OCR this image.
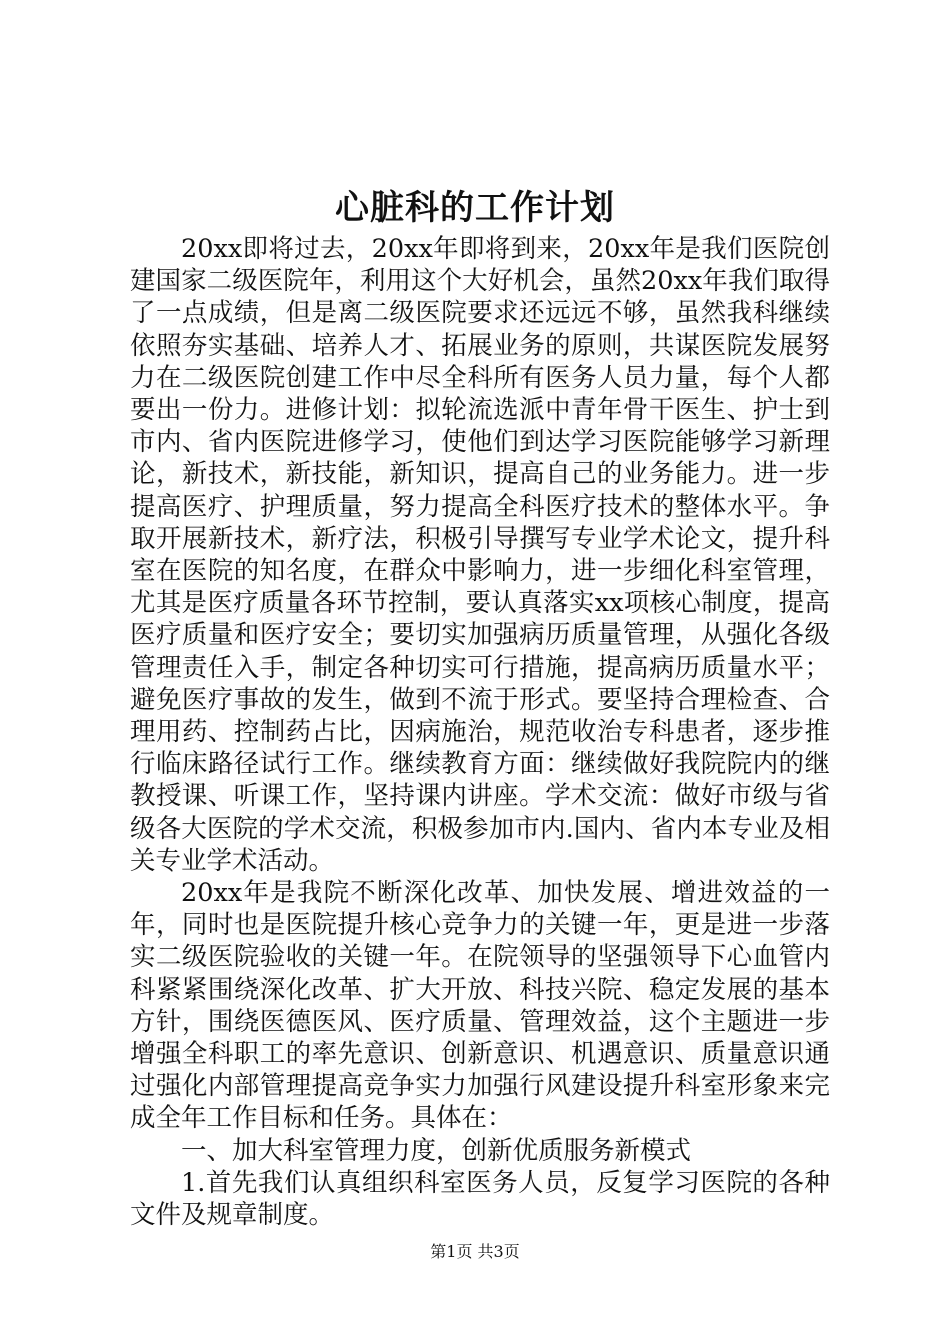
心脏科的工作计划

20xx即将过去，20xx年即将到来，20xx年是我们医院创建国家二级医院年，利用这个大好机会，虽然20xx年我们取得了一点成绩，但是离二级医院要求还远远不够，虽然我科继续依照夯实基础、培养人才、拓展业务的原则，共谋医院发展努力在二级医院创建工作中尽全科所有医务人员力量，每个人都要出一份力。进修计划：拟轮流选派中青年骨干医生、护士到市内、省内医院进修学习，使他们到达学习医院能够学习新理论，新技术，新技能，新知识，提高自己的业务能力。进一步提高医疗、护理质量，努力提高全科医疗技术的整体水平。争取开展新技术，新疗法，积极引导撰写专业学术论文，提升科室在医院的知名度，在群众中影响力，进一步细化科室管理，尤其是医疗质量各环节控制，要认真落实xx项核心制度，提高医疗质量和医疗安全；要切实加强病历质量管理，从强化各级管理责任入手，制定各种切实可行措施，提高病历质量水平；避免医疗事故的发生，做到不流于形式。要坚持合理检查、合理用药、控制药占比，因病施治，规范收治专科患者，逐步推行临床路径试行工作。继续教育方面：继续做好我院院内的继教授课、听课工作，坚持课内讲座。学术交流：做好市级与省级各大医院的学术交流，积极参加市内.国内、省内本专业及相关专业学术活动。

20xx年是我院不断深化改革、加快发展、增进效益的一年，同时也是医院提升核心竞争力的关键一年，更是进一步落实二级医院验收的关键一年。在院领导的坚强领导下心血管内科紧紧围绕深化改革、扩大开放、科技兴院、稳定发展的基本方针，围绕医德医风、医疗质量、管理效益，这个主题进一步增强全科职工的率先意识、创新意识、机遇意识、质量意识通过强化内部管理提高竞争实力加强行风建设提升科室形象来完成全年工作目标和任务。具体在：

一、加大科室管理力度，创新优质服务新模式

1.首先我们认真组织科室医务人员，反复学习医院的各种文件及规章制度。

第1页 共3页
